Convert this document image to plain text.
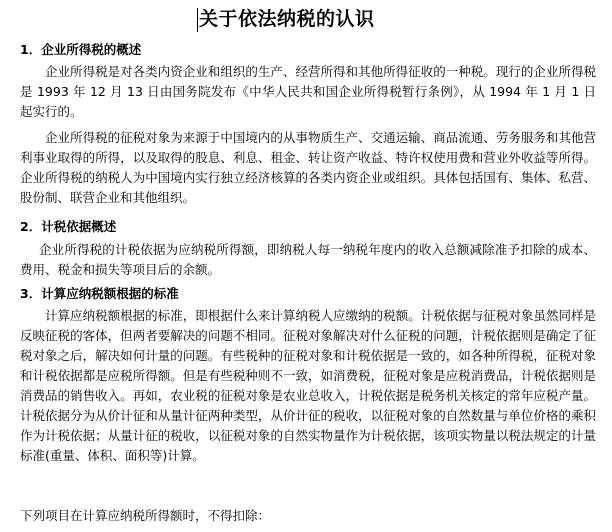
关于依法纳税的认识
1．企业所得税的概述
企业所得税是对各类内资企业和组织的生产、经营所得和其他所得征收的一种税。现行的企业所得税是 1993 年 12 月 13 日由国务院发布《中华人民共和国企业所得税暂行条例》，从 1994 年 1 月 1 日起实行的。
企业所得税的征税对象为来源于中国境内的从事物质生产、交通运输、商品流通、劳务服务和其他营利事业取得的所得，以及取得的股息、利息、租金、转让资产收益、特许权使用费和营业外收益等所得。企业所得税的纳税人为中国境内实行独立经济核算的各类内资企业或组织。具体包括国有、集体、私营、股份制、联营企业和其他组织。
2．计税依据概述
企业所得税的计税依据为应纳税所得额，即纳税人每一纳税年度内的收入总额减除准予扣除的成本、费用、税金和损失等项目后的余额。
3．计算应纳税额根据的标准
计算应纳税额根据的标准，即根据什么来计算纳税人应缴纳的税额。计税依据与征税对象虽然同样是反映征税的客体，但两者要解决的问题不相同。征税对象解决对什么征税的问题，计税依据则是确定了征税对象之后，解决如何计量的问题。有些税种的征税对象和计税依据是一致的，如各种所得税，征税对象和计税依据都是应税所得额。但是有些税种则不一致，如消费税，征税对象是应税消费品，计税依据则是消费品的销售收入。再如，农业税的征税对象是农业总收入，计税依据是税务机关核定的常年应税产量。计税依据分为从价计征和从量计征两种类型，从价计征的税收，以征税对象的自然数量与单位价格的乘积作为计税依据；从量计征的税收，以征税对象的自然实物量作为计税依据，该项实物量以税法规定的计量标准(重量、体积、面积等)计算。
下列项目在计算应纳税所得额时，不得扣除：
